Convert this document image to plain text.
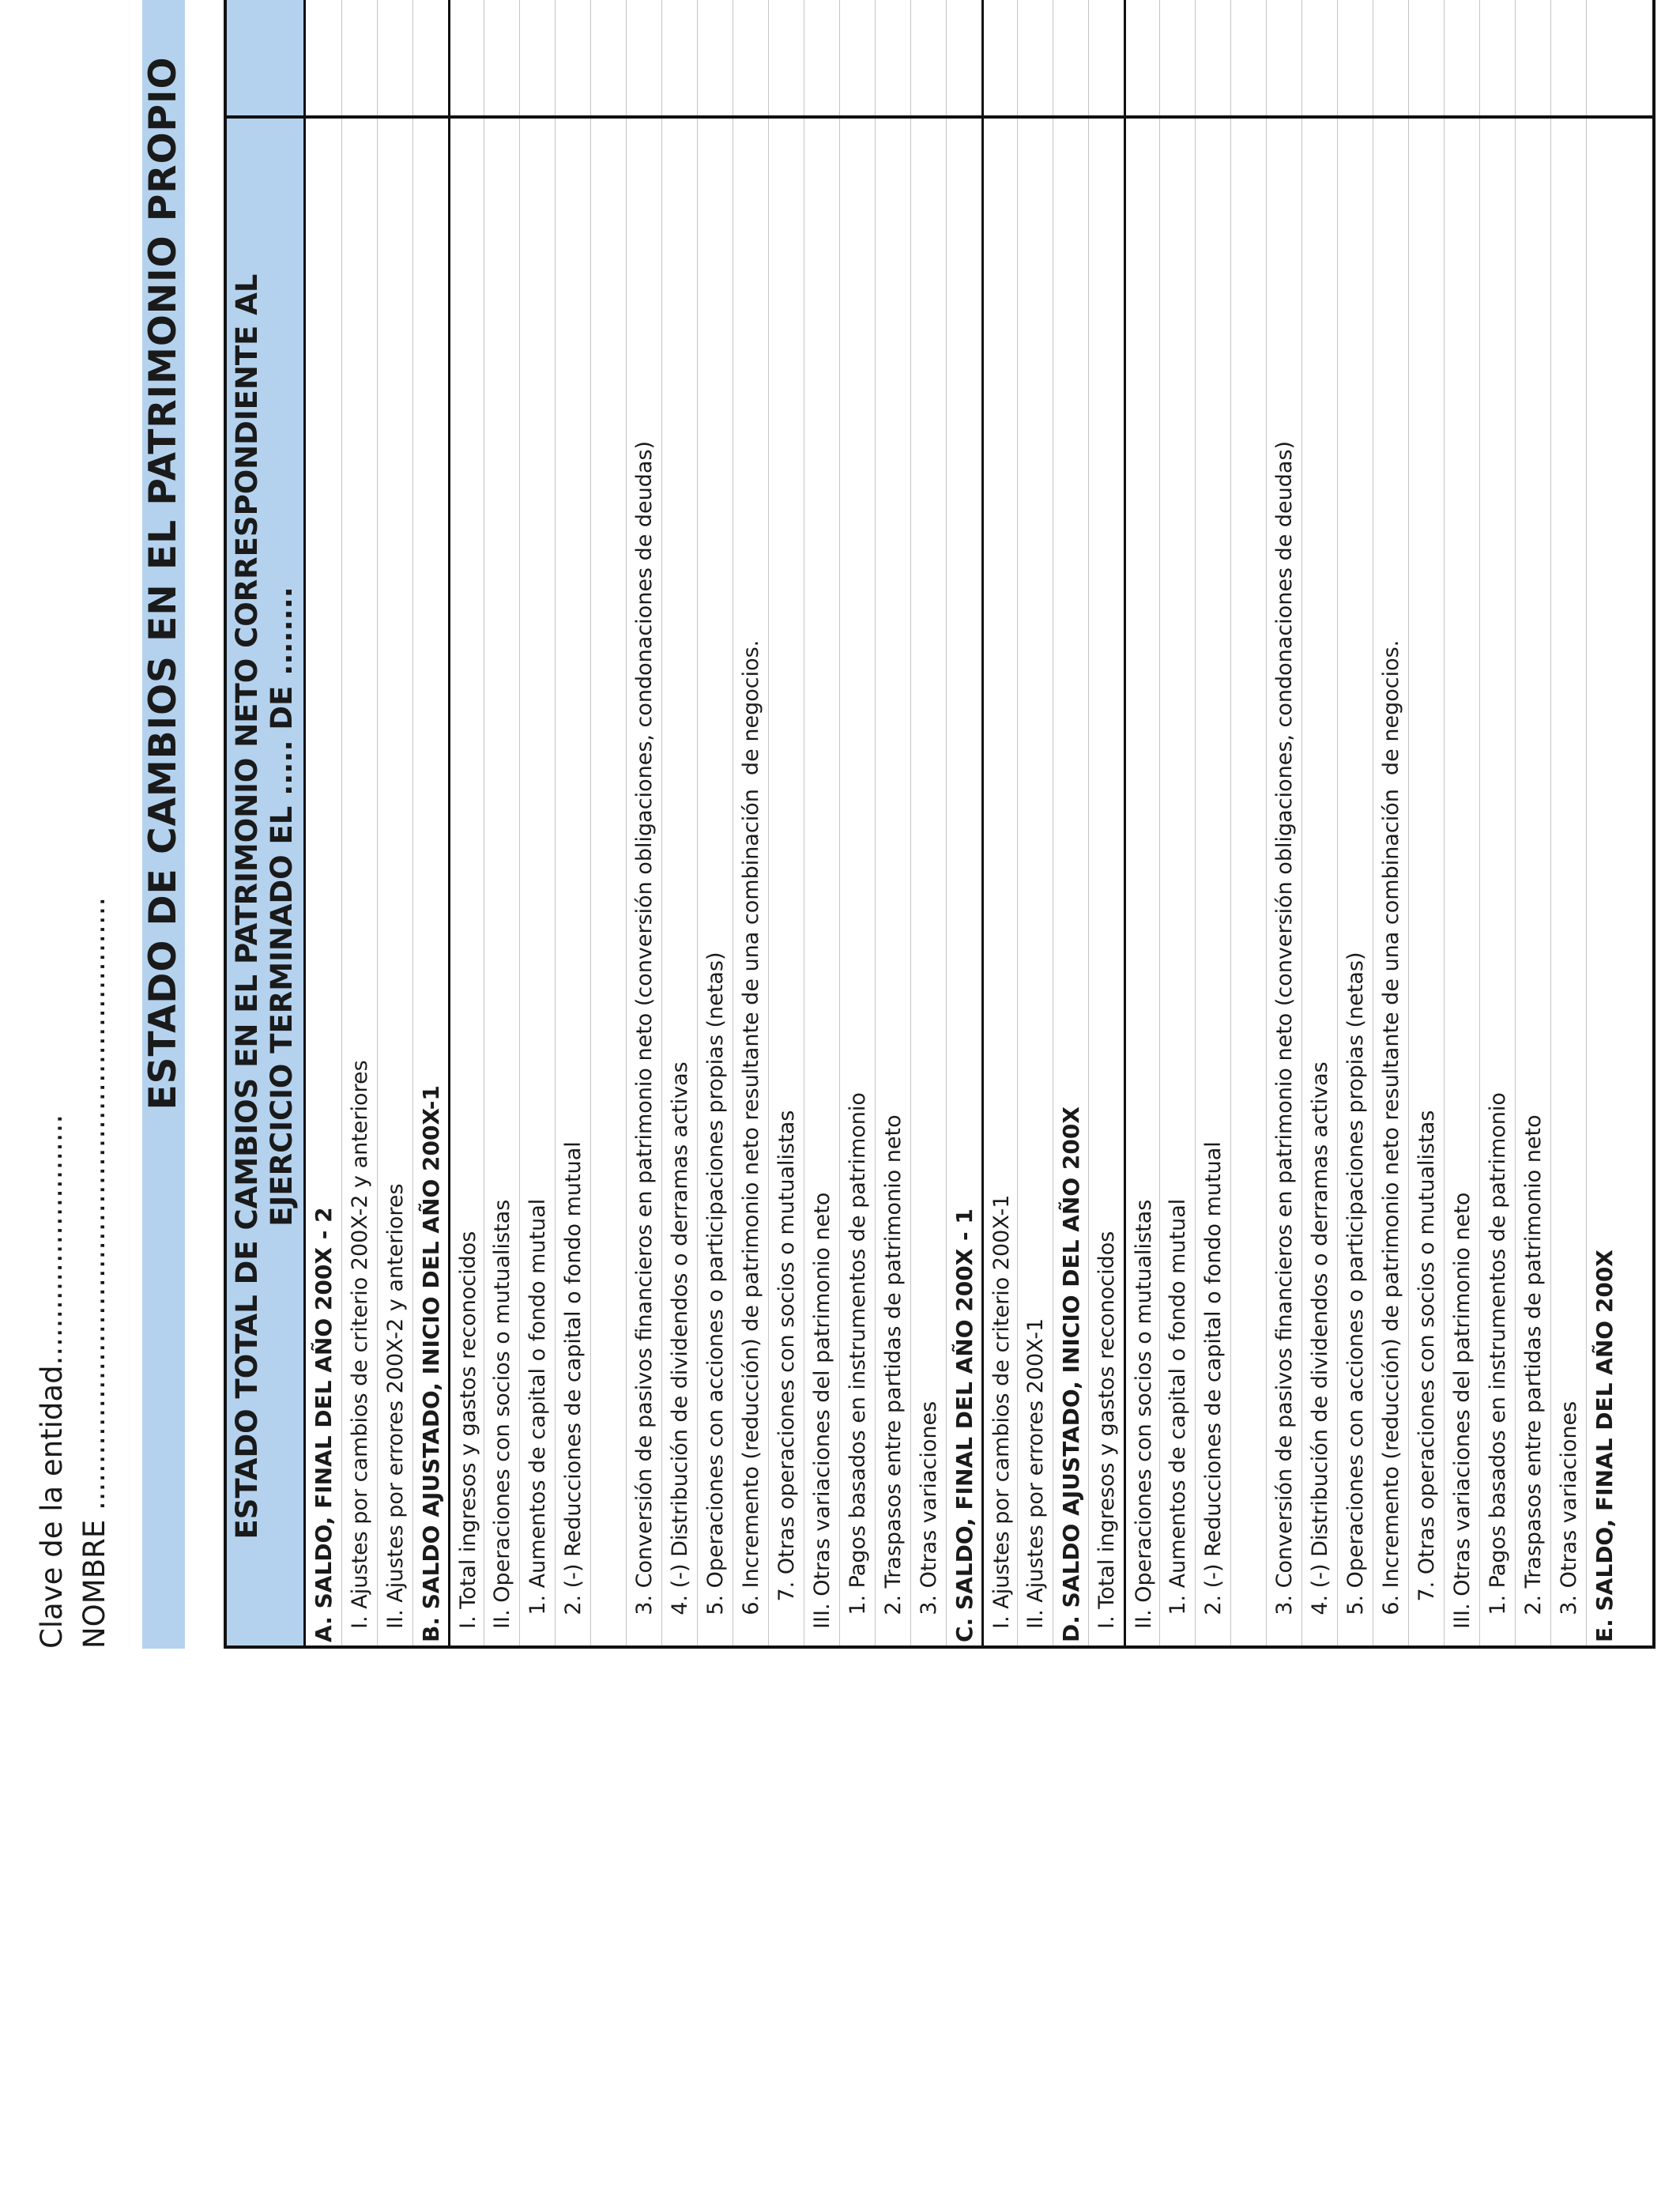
Clave de la entidad........................... NOMBRE ..................................................................
ESTADO DE CAMBIOS EN EL PATRIMONIO PROPIO ESTADO TOTAL DE CAMBIOS EN EL PATRIMONIO NETO CORRESPONDIENTE AL EJERCICIO TERMINADO EL ..... DE ........
A. SALDO, FINAL DEL AÑO 200X - 2 I. Ajustes por cambios de criterio 200X-2 y anteriores II. Ajustes por errores 200X-2 y anteriores B. SALDO AJUSTADO, INICIO DEL AÑO 200X-1 I. Total ingresos y gastos reconocidos II. Operaciones con socios o mutualistas 1. Aumentos de capital o fondo mutual 2. (-) Reducciones de capital o fondo mutual 3. Conversión de pasivos financieros en patrimonio neto (conversión obligaciones, condonaciones de deudas) 4. (-) Distribución de dividendos o derramas activas 5. Operaciones con acciones o participaciones propias (netas) 6. Incremento (reducción) de patrimonio neto resultante de una combinación  de negocios. 7. Otras operaciones con socios o mutualistas III. Otras variaciones del patrimonio neto 1. Pagos basados en instrumentos de patrimonio 2. Traspasos entre partidas de patrimonio neto 3. Otras variaciones C. SALDO, FINAL DEL AÑO 200X - 1 I. Ajustes por cambios de criterio 200X-1 II. Ajustes por errores 200X-1 D. SALDO AJUSTADO, INICIO DEL AÑO 200X I. Total ingresos y gastos reconocidos II. Operaciones con socios o mutualistas 1. Aumentos de capital o fondo mutual 2. (-) Reducciones de capital o fondo mutual 3. Conversión de pasivos financieros en patrimonio neto (conversión obligaciones, condonaciones de deudas) 4. (-) Distribución de dividendos o derramas activas 5. Operaciones con acciones o participaciones propias (netas) 6. Incremento (reducción) de patrimonio neto resultante de una combinación  de negocios. 7. Otras operaciones con socios o mutualistas III. Otras variaciones del patrimonio neto 1. Pagos basados en instrumentos de patrimonio 2. Traspasos entre partidas de patrimonio neto 3. Otras variaciones E. SALDO, FINAL DEL AÑO 200X
